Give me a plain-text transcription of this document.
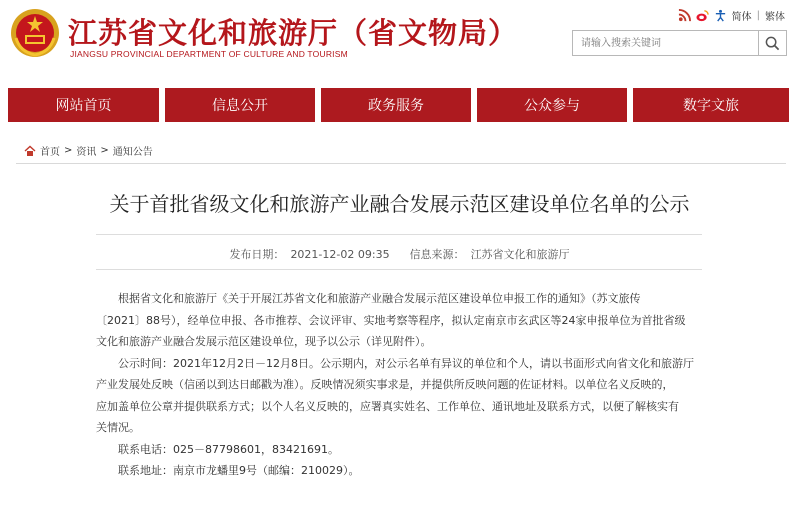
江苏省文化和旅游厅（省文物局）
JIANGSU PROVINCIAL DEPARTMENT OF CULTURE AND TOURISM
简体 | 繁体
请输入搜索关键词
网站首页	信息公开	政务服务	公众参与	数字文旅
首页 > 资讯 > 通知公告
关于首批省级文化和旅游产业融合发展示范区建设单位名单的公示
发布日期： 2021-12-02 09:35 信息来源： 江苏省文化和旅游厅
根据省文化和旅游厅《关于开展江苏省文化和旅游产业融合发展示范区建设单位申报工作的通知》（苏文旅传
〔2021〕88号），经单位申报、各市推荐、会议评审、实地考察等程序，拟认定南京市玄武区等24家申报单位为首批省级
文化和旅游产业融合发展示范区建设单位，现予以公示（详见附件）。
公示时间：2021年12月2日－12月8日。公示期内，对公示名单有异议的单位和个人，请以书面形式向省文化和旅游厅
产业发展处反映（信函以到达日邮戳为准）。反映情况须实事求是，并提供所反映问题的佐证材料。以单位名义反映的，
应加盖单位公章并提供联系方式；以个人名义反映的，应署真实姓名、工作单位、通讯地址及联系方式，以便了解核实有
关情况。
联系电话：025－87798601，83421691。
联系地址：南京市龙蟠里9号（邮编：210029）。
